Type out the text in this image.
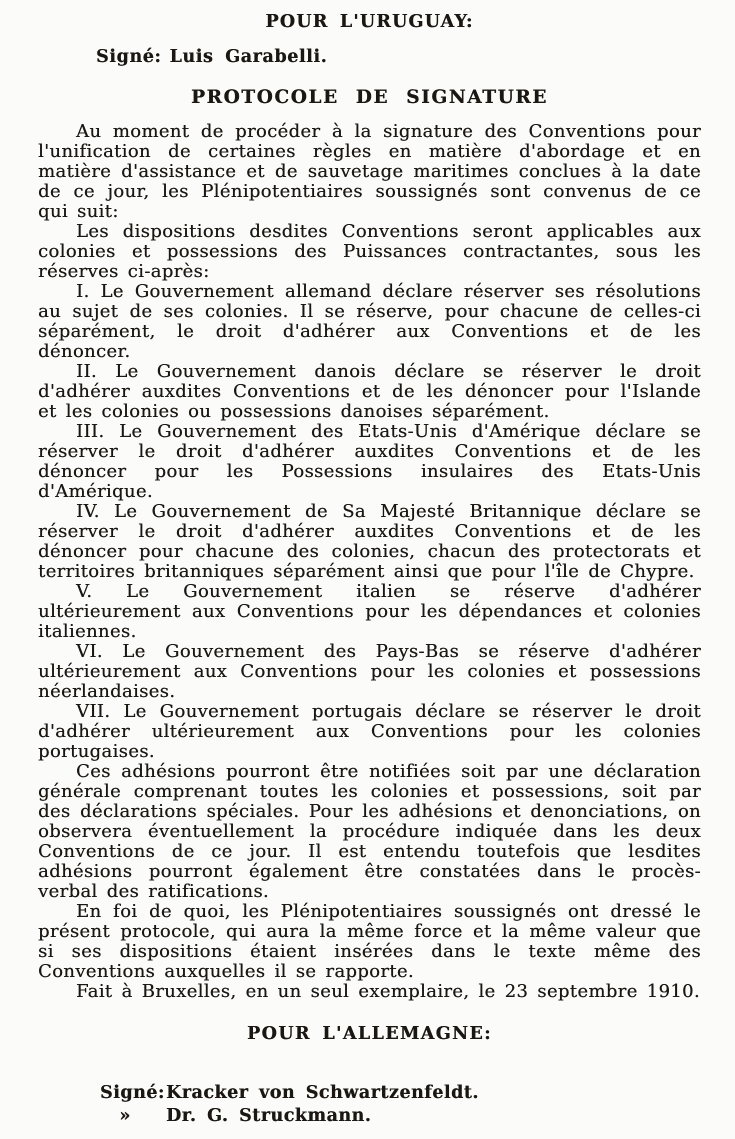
POUR L'URUGUAY:
Signé: Luis Garabelli.
PROTOCOLE DE SIGNATURE

Au moment de procéder à la signature des Conventions pour l'unification de certaines règles en matière d'abordage et en matière d'assistance et de sauvetage maritimes conclues à la date de ce jour, les Plénipotentiaires soussignés sont convenus de ce qui suit:

Les dispositions desdites Conventions seront applicables aux colonies et possessions des Puissances contractantes, sous les réserves ci-après:

I. Le Gouvernement allemand déclare réserver ses résolutions au sujet de ses colonies. Il se réserve, pour chacune de celles-ci séparément, le droit d'adhérer aux Conventions et de les dénoncer.

II. Le Gouvernement danois déclare se réserver le droit d'adhérer auxdites Conventions et de les dénoncer pour l'Islande et les colonies ou possessions danoises séparément.

III. Le Gouvernement des Etats-Unis d'Amérique déclare se réserver le droit d'adhérer auxdites Conventions et de les dénoncer pour les Possessions insulaires des Etats-Unis d'Amérique.

IV. Le Gouvernement de Sa Majesté Britannique déclare se réserver le droit d'adhérer auxdites Conventions et de les dénoncer pour chacune des colonies, chacun des protectorats et territoires britanniques séparément ainsi que pour l'île de Chypre.

V. Le Gouvernement italien se réserve d'adhérer ultérieurement aux Conventions pour les dépendances et colonies italiennes.

VI. Le Gouvernement des Pays-Bas se réserve d'adhérer ultérieurement aux Conventions pour les colonies et possessions néerlandaises.

VII. Le Gouvernement portugais déclare se réserver le droit d'adhérer ultérieurement aux Conventions pour les colonies portugaises.

Ces adhésions pourront être notifiées soit par une déclaration générale comprenant toutes les colonies et possessions, soit par des déclarations spéciales. Pour les adhésions et denonciations, on observera éventuellement la procédure indiquée dans les deux Conventions de ce jour. Il est entendu toutefois que lesdites adhésions pourront également être constatées dans le procès-verbal des ratifications.

En foi de quoi, les Plénipotentiaires soussignés ont dressé le présent protocole, qui aura la même force et la même valeur que si ses dispositions étaient insérées dans le texte même des Conventions auxquelles il se rapporte.

Fait à Bruxelles, en un seul exemplaire, le 23 septembre 1910.

POUR L'ALLEMAGNE:
Signé: Kracker von Schwartzenfeldt.
»	Dr. G. Struckmann.
